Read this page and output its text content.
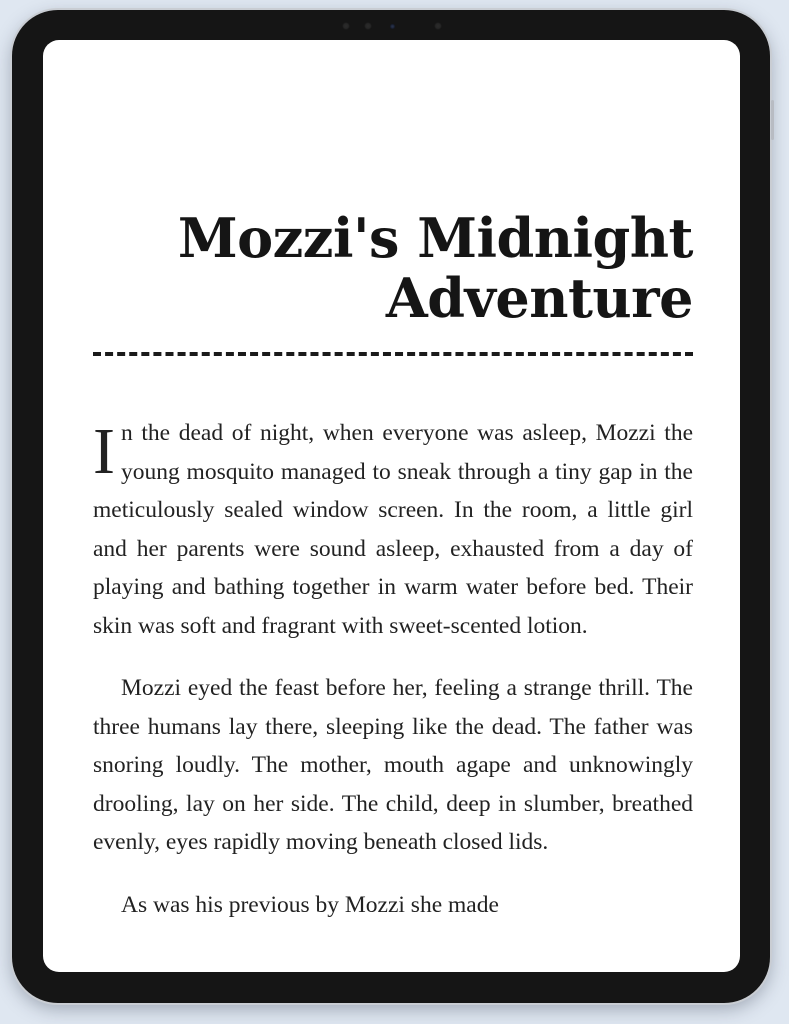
Mozzi's Midnight
Adventure

In the dead of night, when everyone was asleep, Mozzi the young mosquito managed to sneak through a tiny gap in the meticulously sealed window screen. In the room, a little girl and her parents were sound asleep, exhausted from a day of playing and bathing together in warm water before bed. Their skin was soft and fragrant with sweet-scented lotion.

Mozzi eyed the feast before her, feeling a strange thrill. The three humans lay there, sleeping like the dead. The father was snoring loudly. The mother, mouth agape and unknowingly drooling, lay on her side. The child, deep in slumber, breathed evenly, eyes rapidly moving beneath closed lids.

As was his previous by Mozzi she made
